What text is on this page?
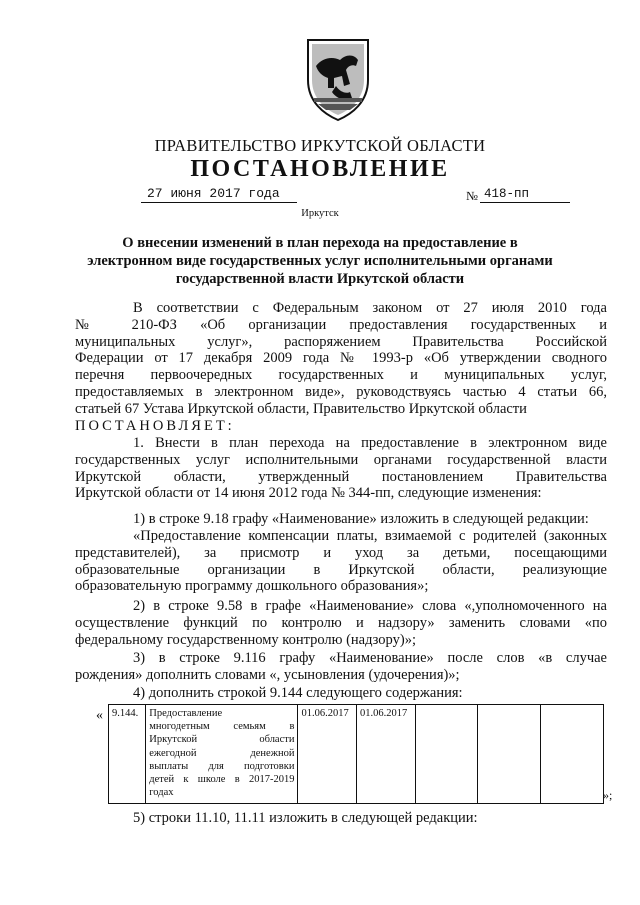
ПРАВИТЕЛЬСТВО ИРКУТСКОЙ ОБЛАСТИ
ПОСТАНОВЛЕНИЕ
27 июня 2017 года	№ 418-пп
Иркутск
О внесении изменений в план перехода на предоставление в
электронном виде государственных услуг исполнительными органами
государственной власти Иркутской области
В соответствии с Федеральным законом от 27 июля 2010 года
№ 210-ФЗ «Об организации предоставления государственных и
муниципальных услуг», распоряжением Правительства Российской
Федерации от 17 декабря 2009 года № 1993-р «Об утверждении сводного
перечня первоочередных государственных и муниципальных услуг,
предоставляемых в электронном виде», руководствуясь частью 4 статьи 66,
статьей 67 Устава Иркутской области, Правительство Иркутской области
ПОСТАНОВЛЯЕТ:
1. Внести в план перехода на предоставление в электронном виде
государственных услуг исполнительными органами государственной власти
Иркутской области, утвержденный постановлением Правительства
Иркутской области от 14 июня 2012 года № 344-пп, следующие изменения:
1) в строке 9.18 графу «Наименование» изложить в следующей редакции:
«Предоставление компенсации платы, взимаемой с родителей (законных
представителей), за присмотр и уход за детьми, посещающими
образовательные организации в Иркутской области, реализующие
образовательную программу дошкольного образования»;
2) в строке 9.58 в графе «Наименование» слова «,уполномоченного на
осуществление функций по контролю и надзору» заменить словами «по
федеральному государственному контролю (надзору)»;
3) в строке 9.116 графу «Наименование» после слов «в случае
рождения» дополнить словами «, усыновления (удочерения)»;
4) дополнить строкой 9.144 следующего содержания:
« 9.144.	Предоставление
многодетным семьям в
Иркутской области
ежегодной денежной
выплаты для подготовки
детей к школе в 2017-2019
годах
	01.06.2017	01.06.2017			
»;
5) строки 11.10, 11.11 изложить в следующей редакции:
